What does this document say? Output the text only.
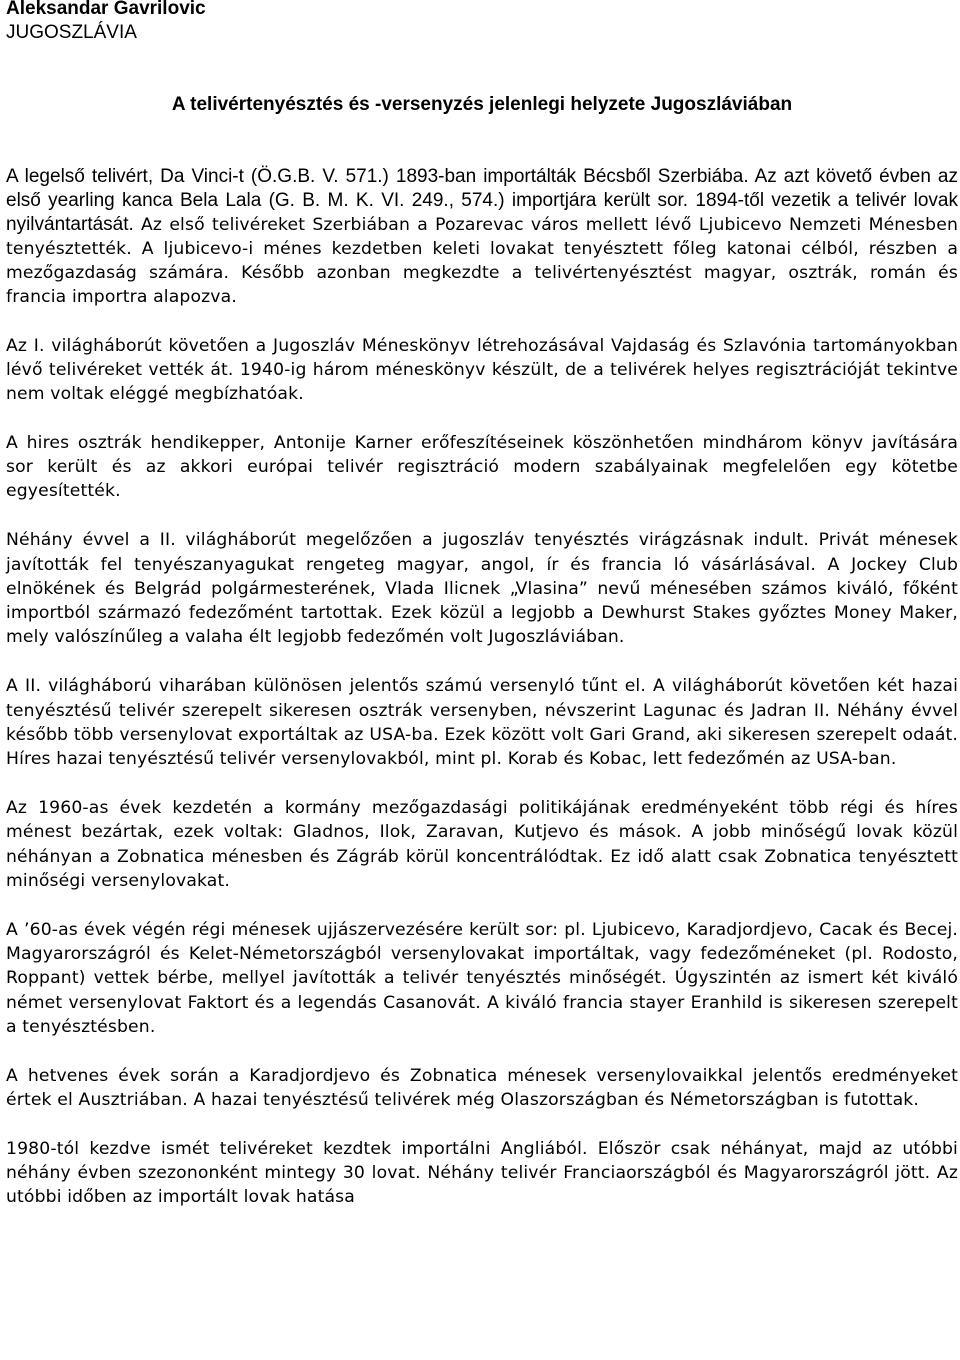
Aleksandar Gavrilovic
JUGOSZLÁVIA
A telivértenyésztés és -versenyzés jelenlegi helyzete Jugoszláviában

A legelső telivért, Da Vinci-t (Ö.G.B. V. 571.) 1893-ban importálták Bécsből Szerbiába. Az azt követő évben az első yearling kanca Bela Lala (G. B. M. K. VI. 249., 574.) importjára került sor. 1894-től vezetik a telivér lovak nyilvántartását. Az első telivéreket Szerbiában a Pozarevac város mellett lévő Ljubicevo Nemzeti Ménesben tenyésztették. A ljubicevo-i ménes kezdetben keleti lovakat tenyésztett főleg katonai célból, részben a mezőgazdaság számára. Később azonban megkezdte a telivértenyésztést magyar, osztrák, román és francia importra alapozva.

Az I. világháborút követően a Jugoszláv Méneskönyv létrehozásával Vajdaság és Szlavónia tartományokban lévő telivéreket vették át. 1940-ig három méneskönyv készült, de a telivérek helyes regisztrációját tekintve nem voltak eléggé megbízhatóak.

A hires osztrák hendikepper, Antonije Karner erőfeszítéseinek köszönhetően mindhárom könyv javítására sor került és az akkori európai telivér regisztráció modern szabályainak megfelelően egy kötetbe egyesítették.

Néhány évvel a II. világháborút megelőzően a jugoszláv tenyésztés virágzásnak indult. Privát ménesek javították fel tenyészanyagukat rengeteg magyar, angol, ír és francia ló vásárlásával. A Jockey Club elnökének és Belgrád polgármesterének, Vlada Ilicnek „Vlasina” nevű ménesében számos kiváló, főként importból származó fedezőmént tartottak. Ezek közül a legjobb a Dewhurst Stakes győztes Money Maker, mely valószínűleg a valaha élt legjobb fedezőmén volt Jugoszláviában.

A II. világháború viharában különösen jelentős számú versenyló tűnt el. A világháborút követően két hazai tenyésztésű telivér szerepelt sikeresen osztrák versenyben, névszerint Lagunac és Jadran II. Néhány évvel később több versenylovat exportáltak az USA-ba. Ezek között volt Gari Grand, aki sikeresen szerepelt odaát. Híres hazai tenyésztésű telivér versenylovakból, mint pl. Korab és Kobac, lett fedezőmén az USA-ban.

Az 1960-as évek kezdetén a kormány mezőgazdasági politikájának eredményeként több régi és híres ménest bezártak, ezek voltak: Gladnos, Ilok, Zaravan, Kutjevo és mások. A jobb minőségű lovak közül néhányan a Zobnatica ménesben és Zágráb körül koncentrálódtak. Ez idő alatt csak Zobnatica tenyésztett minőségi versenylovakat.

A ’60-as évek végén régi ménesek ujjászervezésére került sor: pl. Ljubicevo, Karadjordjevo, Cacak és Becej. Magyarországról és Kelet-Németországból versenylovakat importáltak, vagy fedezőméneket (pl. Rodosto, Roppant) vettek bérbe, mellyel javították a telivér tenyésztés minőségét. Úgyszintén az ismert két kiváló német versenylovat Faktort és a legendás Casanovát. A kiváló francia stayer Eranhild is sikeresen szerepelt a tenyésztésben.

A hetvenes évek során a Karadjordjevo és Zobnatica ménesek versenylovaikkal jelentős eredményeket értek el Ausztriában. A hazai tenyésztésű telivérek még Olaszországban és Németországban is futottak.

1980-tól kezdve ismét telivéreket kezdtek importálni Angliából. Először csak néhányat, majd az utóbbi néhány évben szezononként mintegy 30 lovat. Néhány telivér Franciaországból és Magyarországról jött. Az utóbbi időben az importált lovak hatása
